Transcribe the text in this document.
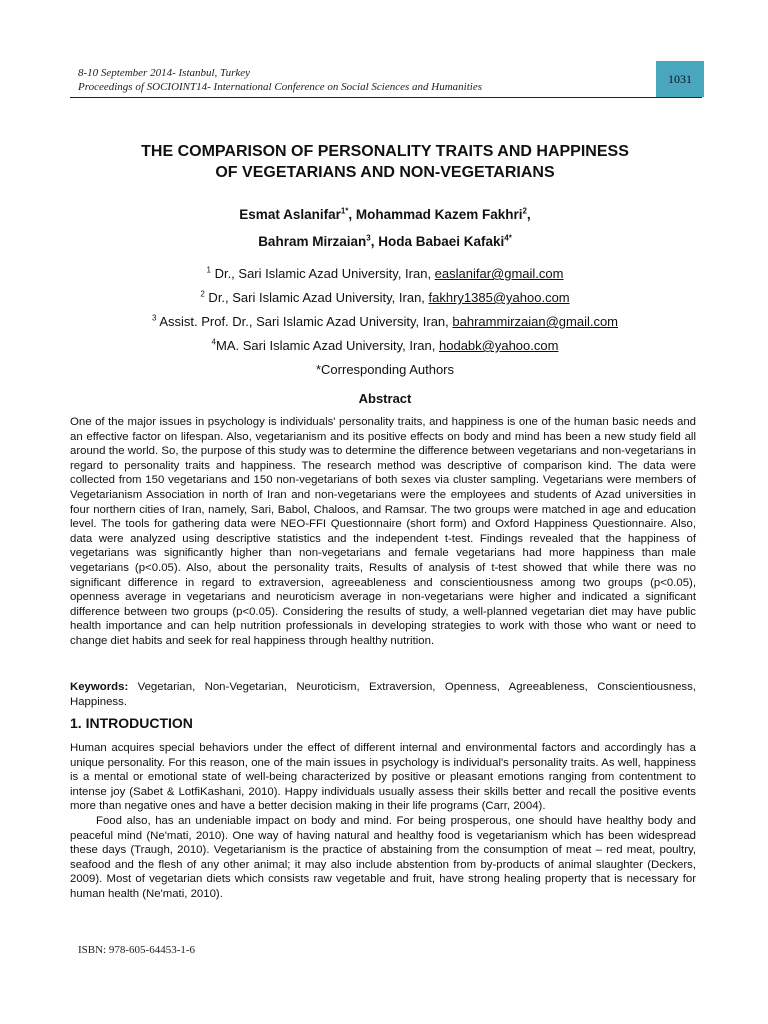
8-10 September 2014- Istanbul, Turkey
Proceedings of SOCIOINT14- International Conference on Social Sciences and Humanities
1031
THE COMPARISON OF PERSONALITY TRAITS AND HAPPINESS
OF VEGETARIANS AND NON-VEGETARIANS
Esmat Aslanifar$^{1*}$, Mohammad Kazem Fakhri$^2$,
Bahram Mirzaian$^3$, Hoda Babaei Kafaki$^{4*}$
$^1$ Dr., Sari Islamic Azad University, Iran, easlanifar@gmail.com
$^2$ Dr., Sari Islamic Azad University, Iran, fakhry1385@yahoo.com
$^3$ Assist. Prof. Dr., Sari Islamic Azad University, Iran, bahrammirzaian@gmail.com
$^4$MA. Sari Islamic Azad University, Iran, hodabk@yahoo.com
*Corresponding Authors
Abstract
One of the major issues in psychology is individuals' personality traits, and happiness is one of the human basic needs and an effective factor on lifespan. Also, vegetarianism and its positive effects on body and mind has been a new study field all around the world. So, the purpose of this study was to determine the difference between vegetarians and non-vegetarians in regard to personality traits and happiness. The research method was descriptive of comparison kind. The data were collected from 150 vegetarians and 150 non-vegetarians of both sexes via cluster sampling. Vegetarians were members of Vegetarianism Association in north of Iran and non-vegetarians were the employees and students of Azad universities in four northern cities of Iran, namely, Sari, Babol, Chaloos, and Ramsar. The two groups were matched in age and education level. The tools for gathering data were NEO-FFI Questionnaire (short form) and Oxford Happiness Questionnaire. Also, data were analyzed using descriptive statistics and the independent t-test. Findings revealed that the happiness of vegetarians was significantly higher than non-vegetarians and female vegetarians had more happiness than male vegetarians (p<0.05). Also, about the personality traits, Results of analysis of t-test showed that while there was no significant difference in regard to extraversion, agreeableness and conscientiousness among two groups (p<0.05), openness average in vegetarians and neuroticism average in non-vegetarians were higher and indicated a significant difference between two groups (p<0.05). Considering the results of study, a well-planned vegetarian diet may have public health importance and can help nutrition professionals in developing strategies to work with those who want or need to change diet habits and seek for real happiness through healthy nutrition.
Keywords: Vegetarian, Non-Vegetarian, Neuroticism, Extraversion, Openness, Agreeableness, Conscientiousness, Happiness.
1. INTRODUCTION

Human acquires special behaviors under the effect of different internal and environmental factors and accordingly has a unique personality. For this reason, one of the main issues in psychology is individual's personality traits. As well, happiness is a mental or emotional state of well-being characterized by positive or pleasant emotions ranging from contentment to intense joy (Sabet & LotfiKashani, 2010). Happy individuals usually assess their skills better and recall the positive events more than negative ones and have a better decision making in their life programs (Carr, 2004).

Food also, has an undeniable impact on body and mind. For being prosperous, one should have healthy body and peaceful mind (Ne'mati, 2010). One way of having natural and healthy food is vegetarianism which has been widespread these days (Traugh, 2010). Vegetarianism is the practice of abstaining from the consumption of meat – red meat, poultry, seafood and the flesh of any other animal; it may also include abstention from by-products of animal slaughter (Deckers, 2009). Most of vegetarian diets which consists raw vegetable and fruit, have strong healing property that is necessary for human health (Ne'mati, 2010).

ISBN: 978-605-64453-1-6
